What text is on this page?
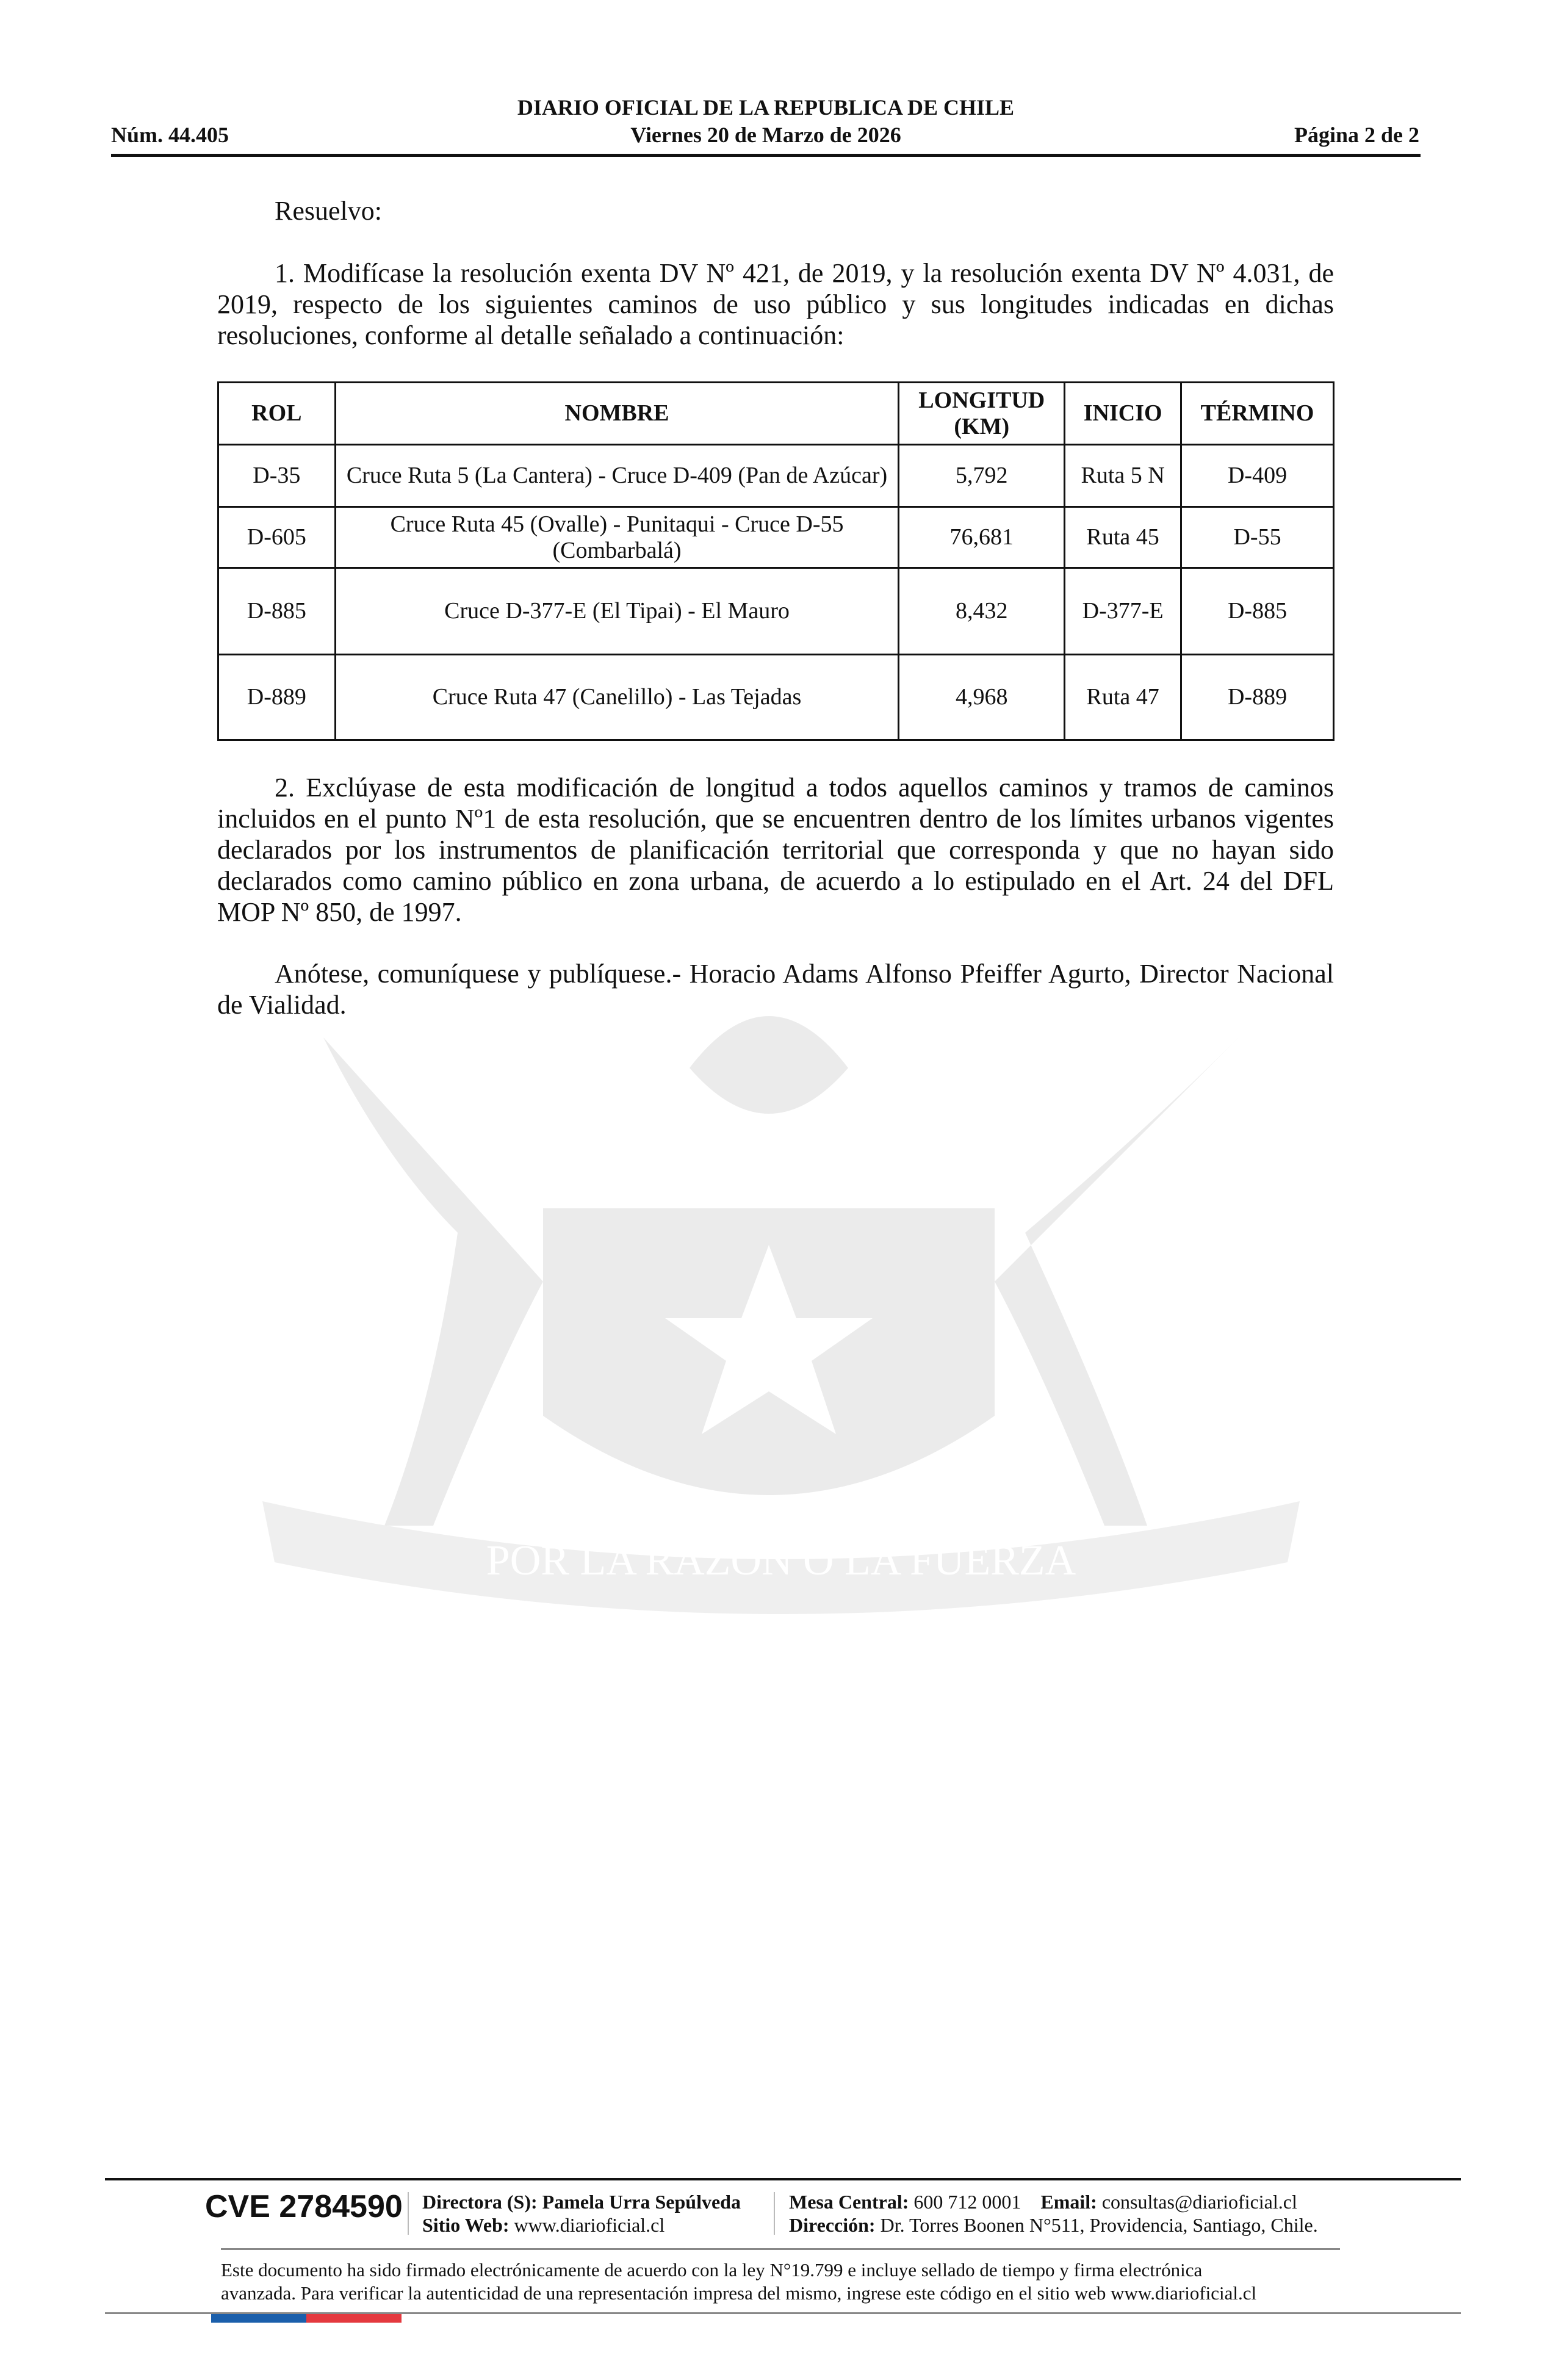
DIARIO OFICIAL DE LA REPUBLICA DE CHILE
Núm. 44.405	Viernes 20 de Marzo de 2026	Página 2 de 2
POR LA RAZON O LA FUERZA
Resuelvo:
1. Modifícase la resolución exenta DV Nº 421, de 2019, y la resolución exenta DV Nº 4.031, de 2019, respecto de los siguientes caminos de uso público y sus longitudes indicadas en dichas resoluciones, conforme al detalle señalado a continuación:
ROL	NOMBRE	LONGITUD (KM)	INICIO	TÉRMINO
D-35	Cruce Ruta 5 (La Cantera) - Cruce D-409 (Pan de Azúcar)	5,792	Ruta 5 N	D-409
D-605	Cruce Ruta 45 (Ovalle) - Punitaqui - Cruce D-55 (Combarbalá)	76,681	Ruta 45	D-55
D-885	Cruce D-377-E (El Tipai) - El Mauro	8,432	D-377-E	D-885
D-889	Cruce Ruta 47 (Canelillo) - Las Tejadas	4,968	Ruta 47	D-889
2. Exclúyase de esta modificación de longitud a todos aquellos caminos y tramos de caminos incluidos en el punto Nº1 de esta resolución, que se encuentren dentro de los límites urbanos vigentes declarados por los instrumentos de planificación territorial que corresponda y que no hayan sido declarados como camino público en zona urbana, de acuerdo a lo estipulado en el Art. 24 del DFL MOP Nº 850, de 1997.
Anótese, comuníquese y publíquese.- Horacio Adams Alfonso Pfeiffer Agurto, Director Nacional de Vialidad.
CVE 2784590 Directora (S): Pamela Urra Sepúlveda
Sitio Web: www.diarioficial.cl
Mesa Central: 600 712 0001 Email: consultas@diarioficial.cl
Dirección: Dr. Torres Boonen N°511, Providencia, Santiago, Chile.
Este documento ha sido firmado electrónicamente de acuerdo con la ley N°19.799 e incluye sellado de tiempo y firma electrónica
avanzada. Para verificar la autenticidad de una representación impresa del mismo, ingrese este código en el sitio web www.diarioficial.cl
